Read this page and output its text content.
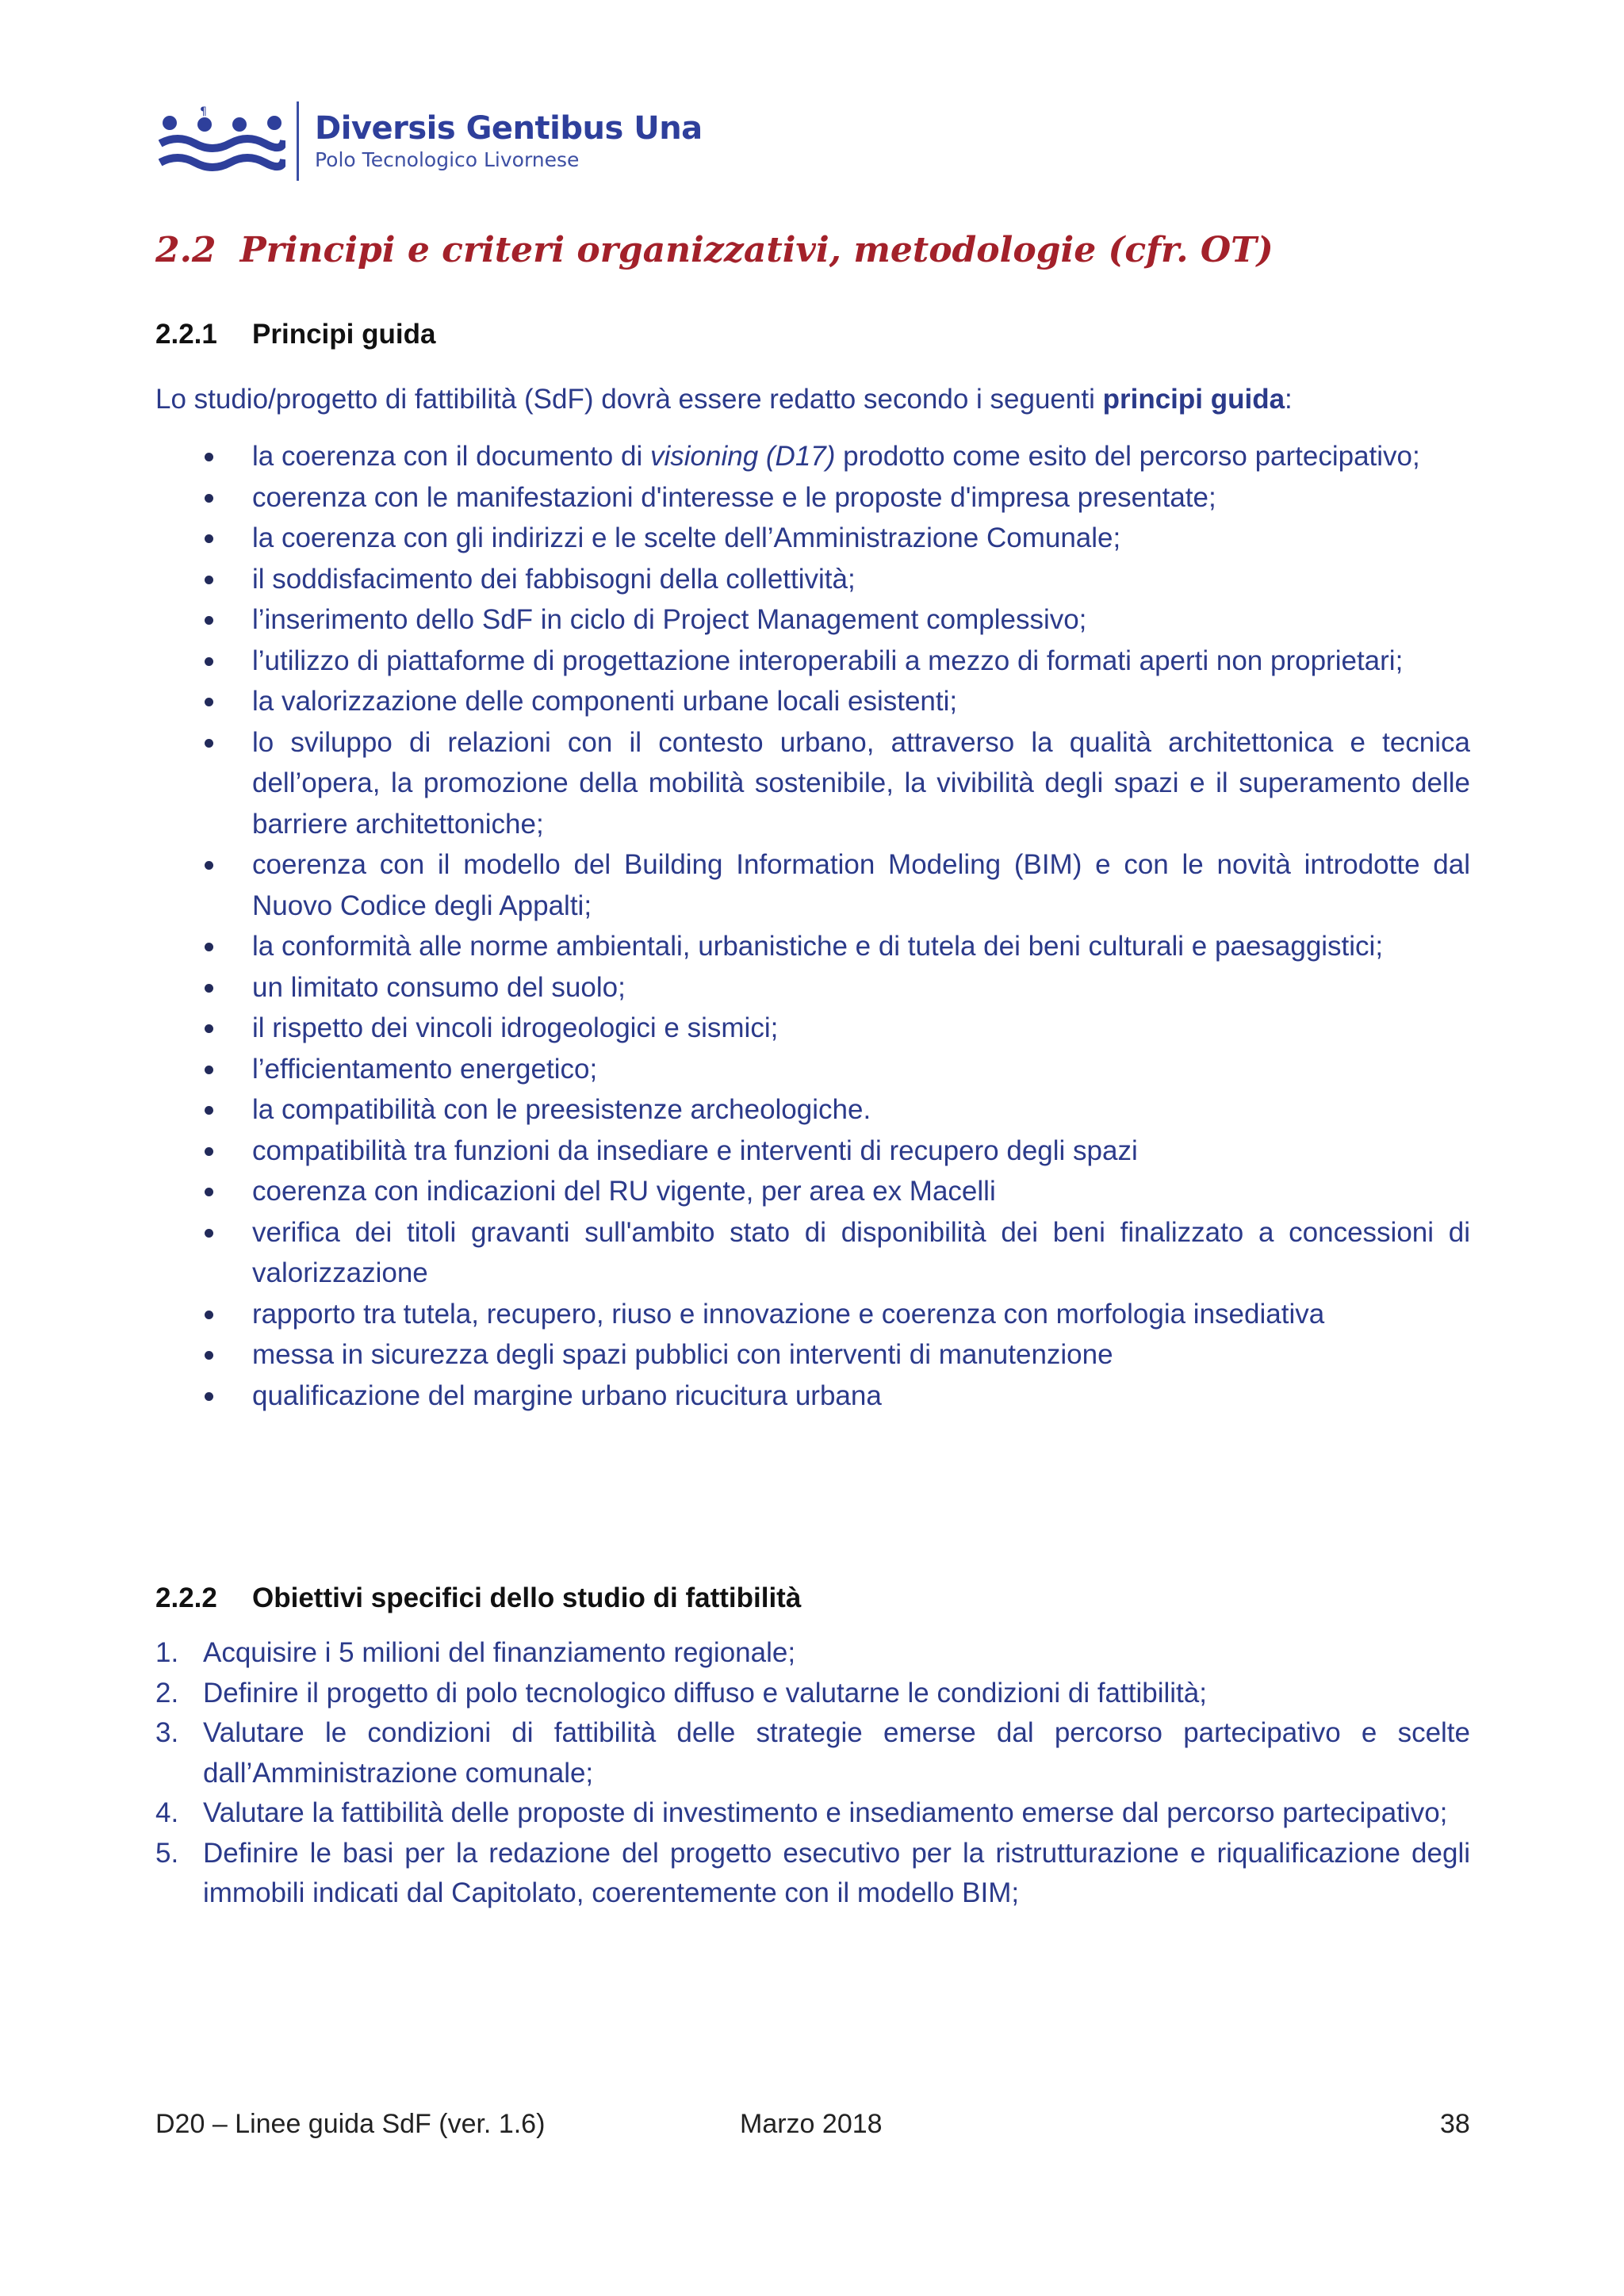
¶	Diversis Gentibus Una
Polo Tecnologico Livornese
2.2 Principi e criteri organizzativi, metodologie (cfr. OT)
2.2.1 Principi guida
Lo studio/progetto di fattibilità (SdF) dovrà essere redatto secondo i seguenti principi guida:
la coerenza con il documento di visioning (D17) prodotto come esito del percorso partecipativo;
coerenza con le manifestazioni d'interesse e le proposte d'impresa presentate;
la coerenza con gli indirizzi e le scelte dell’Amministrazione Comunale;
il soddisfacimento dei fabbisogni della collettività;
l’inserimento dello SdF in ciclo di Project Management complessivo;
l’utilizzo di piattaforme di progettazione interoperabili a mezzo di formati aperti non proprietari;
la valorizzazione delle componenti urbane locali esistenti;
lo sviluppo di relazioni con il contesto urbano, attraverso la qualità architettonica e tecnica dell’opera, la promozione della mobilità sostenibile, la vivibilità degli spazi e il superamento delle barriere architettoniche;
coerenza con il modello del Building Information Modeling (BIM) e con le novità introdotte dal Nuovo Codice degli Appalti;
la conformità alle norme ambientali, urbanistiche e di tutela dei beni culturali e paesaggistici;
un limitato consumo del suolo;
il rispetto dei vincoli idrogeologici e sismici;
l’efficientamento energetico;
la compatibilità con le preesistenze archeologiche.
compatibilità tra funzioni da insediare e interventi di recupero degli spazi
coerenza con indicazioni del RU vigente, per area ex Macelli
verifica dei titoli gravanti sull'ambito stato di disponibilità dei beni finalizzato a concessioni di valorizzazione
rapporto tra tutela, recupero, riuso e innovazione e coerenza con morfologia insediativa
messa in sicurezza degli spazi pubblici con interventi di manutenzione
qualificazione del margine urbano ricucitura urbana
2.2.2 Obiettivi specifici dello studio di fattibilità
1. Acquisire i 5 milioni del finanziamento regionale;
2. Definire il progetto di polo tecnologico diffuso e valutarne le condizioni di fattibilità;
3. Valutare le condizioni di fattibilità delle strategie emerse dal percorso partecipativo e scelte dall’Amministrazione comunale;
4. Valutare la fattibilità delle proposte di investimento e insediamento emerse dal percorso partecipativo;
5. Definire le basi per la redazione del progetto esecutivo per la ristrutturazione e riqualificazione degli immobili indicati dal Capitolato, coerentemente con il modello BIM;
D20 – Linee guida SdF (ver. 1.6)	Marzo 2018	38
